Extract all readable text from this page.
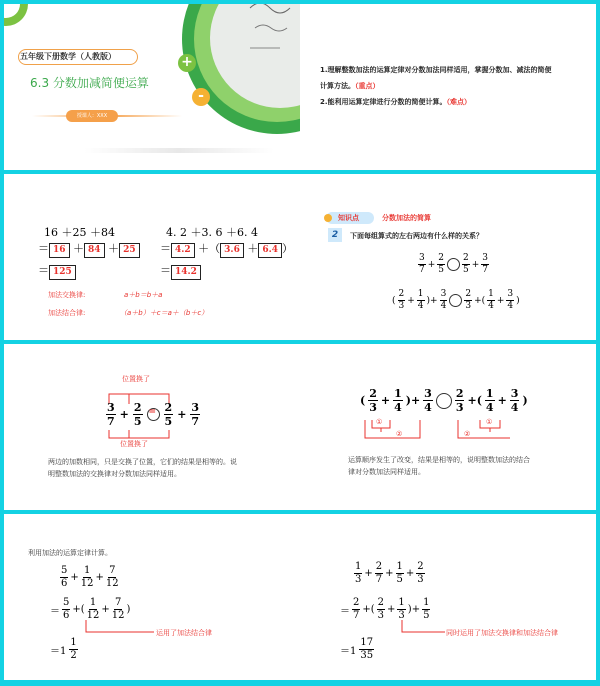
+
-
五年级下册数学（人教版）
6.3 分数加减简便运算
授课人：XXX
1.理解整数加法的运算定律对分数加法同样适用，掌握分数加、减法的简便
计算方法。（重点）
2.能利用运算定律进行分数的简便计算。（难点）
16 ＋25 ＋84
＝ 16 ＋ 84 ＋ 25
＝ 125
4. 2 ＋3. 6 ＋6. 4
＝ 4.2 ＋（ 3.6 ＋ 6.4 ）
＝ 14.2
加法交换律:	a＋b＝b＋a
加法结合律:	（a＋b）＋c＝a＋（b＋c）
知识点	分数加法的简算
2	下面每组算式的左右两边有什么样的关系？
$\frac{3}{7} + \frac{2}{5} \frac{2}{5} + \frac{3}{7}$
( $\frac{2}{3} + \frac{1}{4}$ )+ $\frac{3}{4} \frac{2}{3}$ +( $\frac{1}{4} + \frac{3}{4}$ )
位置换了
$\frac{3}{7} + \frac{2}{5} = \frac{2}{5} + \frac{3}{7}$
位置换了
两边的加数相同，只是交换了位置，它们的结果是相等的。说
明整数加法的交换律对分数加法同样适用。
( $\frac{2}{3} + \frac{1}{4}$ )+ $\frac{3}{4} \frac{2}{3}$ +( $\frac{1}{4} + \frac{3}{4}$ )
①
②	②
①
运算顺序发生了改变，结果是相等的，说明整数加法的结合
律对分数加法同样适用。
利用加法的运算定律计算。
$\frac{5}{6} + \frac{1}{12} + \frac{7}{12}$
＝ $\frac{5}{6}$ +( $\frac{1}{12} + \frac{7}{12}$ )
运用了加法结合律
$=1 \frac{1}{2}$
$\frac{1}{3} + \frac{2}{7} + \frac{1}{5} + \frac{2}{3}$
＝ $\frac{2}{7}$ +( $\frac{2}{3} + \frac{1}{3}$ )+ $\frac{1}{5}$
同时运用了加法交换律和加法结合律
$=1 \frac{17}{35}$
